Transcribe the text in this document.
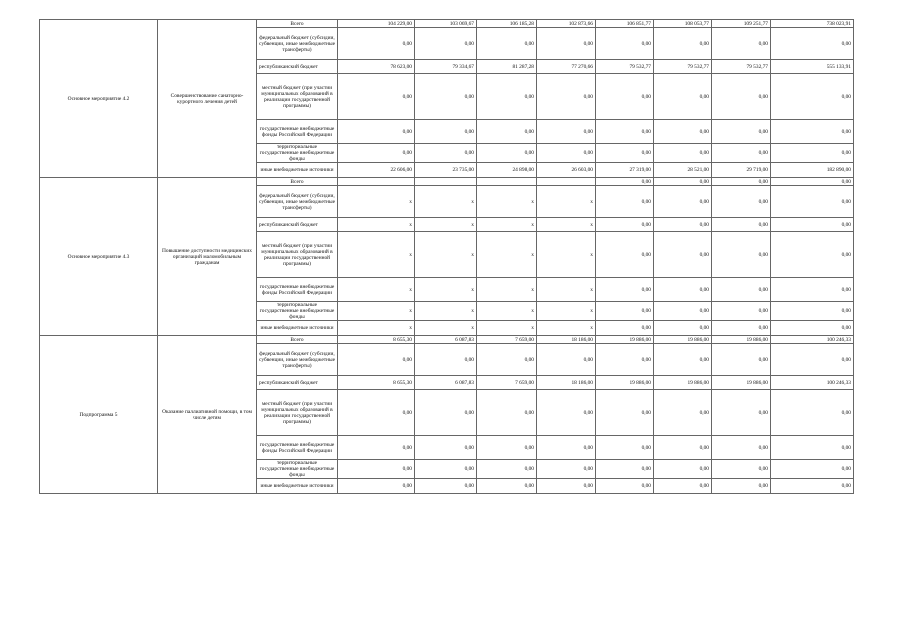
Основное мероприятие 4.2	Совершенствование санаторно-курортного лечения детей	Всего	104 229,00	103 069,67	106 185,28	102 873,66	106 851,77	108 053,77	109 251,77	738 023,91
		федеральный бюджет (субсидии, субвенции, иные межбюджетные трансферты)	0,00	0,00	0,00	0,00	0,00	0,00	0,00	0,00
		республиканский бюджет	78 623,00	79 334,67	81 287,28	77 270,66	79 532,77	79 532,77	79 532,77	555 133,91
		местный бюджет (при участии муниципальных образований в реализации государственной программы)	0,00	0,00	0,00	0,00	0,00	0,00	0,00	0,00
		государственные внебюджетные фонды Российской Федерации	0,00	0,00	0,00	0,00	0,00	0,00	0,00	0,00
		территориальные государственные внебюджетные фонды	0,00	0,00	0,00	0,00	0,00	0,00	0,00	0,00
		иные внебюджетные источники	22 606,00	23 735,00	24 898,00	26 603,00	27 319,00	28 521,00	29 719,00	182 890,00
Основное мероприятие 4.3	Повышение доступности медицинских организаций маломобильным гражданам	Всего					0,00	0,00	0,00	0,00
		федеральный бюджет (субсидии, субвенции, иные межбюджетные трансферты)	x	x	x	x	0,00	0,00	0,00	0,00
		республиканский бюджет	x	x	x	x	0,00	0,00	0,00	0,00
		местный бюджет (при участии муниципальных образований в реализации государственной программы)	x	x	x	x	0,00	0,00	0,00	0,00
		государственные внебюджетные фонды Российской Федерации	x	x	x	x	0,00	0,00	0,00	0,00
		территориальные государственные внебюджетные фонды	x	x	x	x	0,00	0,00	0,00	0,00
		иные внебюджетные источники	x	x	x	x	0,00	0,00	0,00	0,00
Подпрограмма 5	Оказание паллиативной помощи, в том числе детям	Всего	8 655,30	6 087,83	7 659,00	18 186,00	19 886,00	19 886,00	19 886,00	100 246,33
		федеральный бюджет (субсидии, субвенции, иные межбюджетные трансферты)	0,00	0,00	0,00	0,00	0,00	0,00	0,00	0,00
		республиканский бюджет	8 655,30	6 087,83	7 659,00	18 186,00	19 886,00	19 886,00	19 886,00	100 246,33
		местный бюджет (при участии муниципальных образований в реализации государственной программы)	0,00	0,00	0,00	0,00	0,00	0,00	0,00	0,00
		государственные внебюджетные фонды Российской Федерации	0,00	0,00	0,00	0,00	0,00	0,00	0,00	0,00
		территориальные государственные внебюджетные фонды	0,00	0,00	0,00	0,00	0,00	0,00	0,00	0,00
		иные внебюджетные источники	0,00	0,00	0,00	0,00	0,00	0,00	0,00	0,00
